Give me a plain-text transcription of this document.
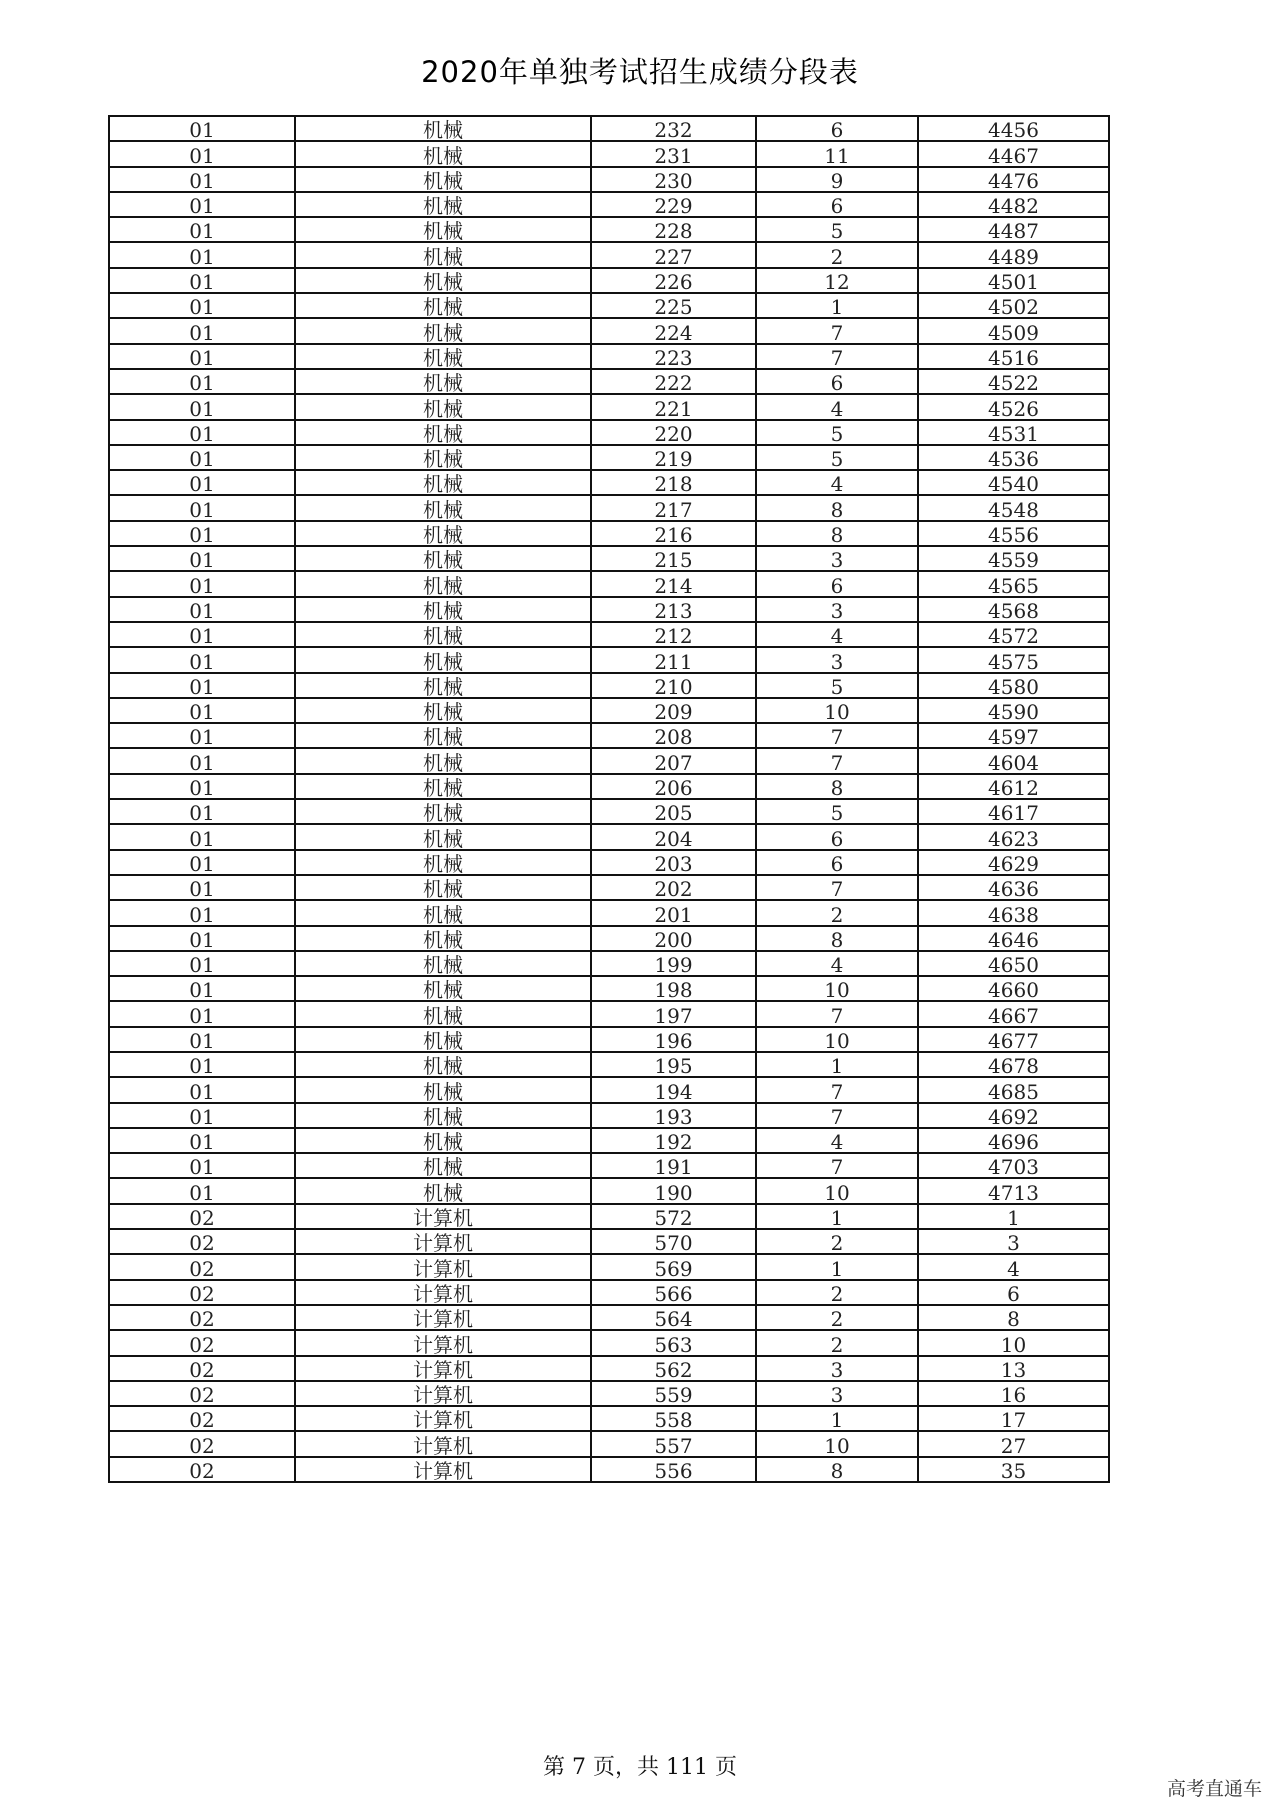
2020年单独考试招生成绩分段表
01	机械	232	6	4456
01	机械	231	11	4467
01	机械	230	9	4476
01	机械	229	6	4482
01	机械	228	5	4487
01	机械	227	2	4489
01	机械	226	12	4501
01	机械	225	1	4502
01	机械	224	7	4509
01	机械	223	7	4516
01	机械	222	6	4522
01	机械	221	4	4526
01	机械	220	5	4531
01	机械	219	5	4536
01	机械	218	4	4540
01	机械	217	8	4548
01	机械	216	8	4556
01	机械	215	3	4559
01	机械	214	6	4565
01	机械	213	3	4568
01	机械	212	4	4572
01	机械	211	3	4575
01	机械	210	5	4580
01	机械	209	10	4590
01	机械	208	7	4597
01	机械	207	7	4604
01	机械	206	8	4612
01	机械	205	5	4617
01	机械	204	6	4623
01	机械	203	6	4629
01	机械	202	7	4636
01	机械	201	2	4638
01	机械	200	8	4646
01	机械	199	4	4650
01	机械	198	10	4660
01	机械	197	7	4667
01	机械	196	10	4677
01	机械	195	1	4678
01	机械	194	7	4685
01	机械	193	7	4692
01	机械	192	4	4696
01	机械	191	7	4703
01	机械	190	10	4713
02	计算机	572	1	1
02	计算机	570	2	3
02	计算机	569	1	4
02	计算机	566	2	6
02	计算机	564	2	8
02	计算机	563	2	10
02	计算机	562	3	13
02	计算机	559	3	16
02	计算机	558	1	17
02	计算机	557	10	27
02	计算机	556	8	35
第 7 页，共 111 页
高考直通车
